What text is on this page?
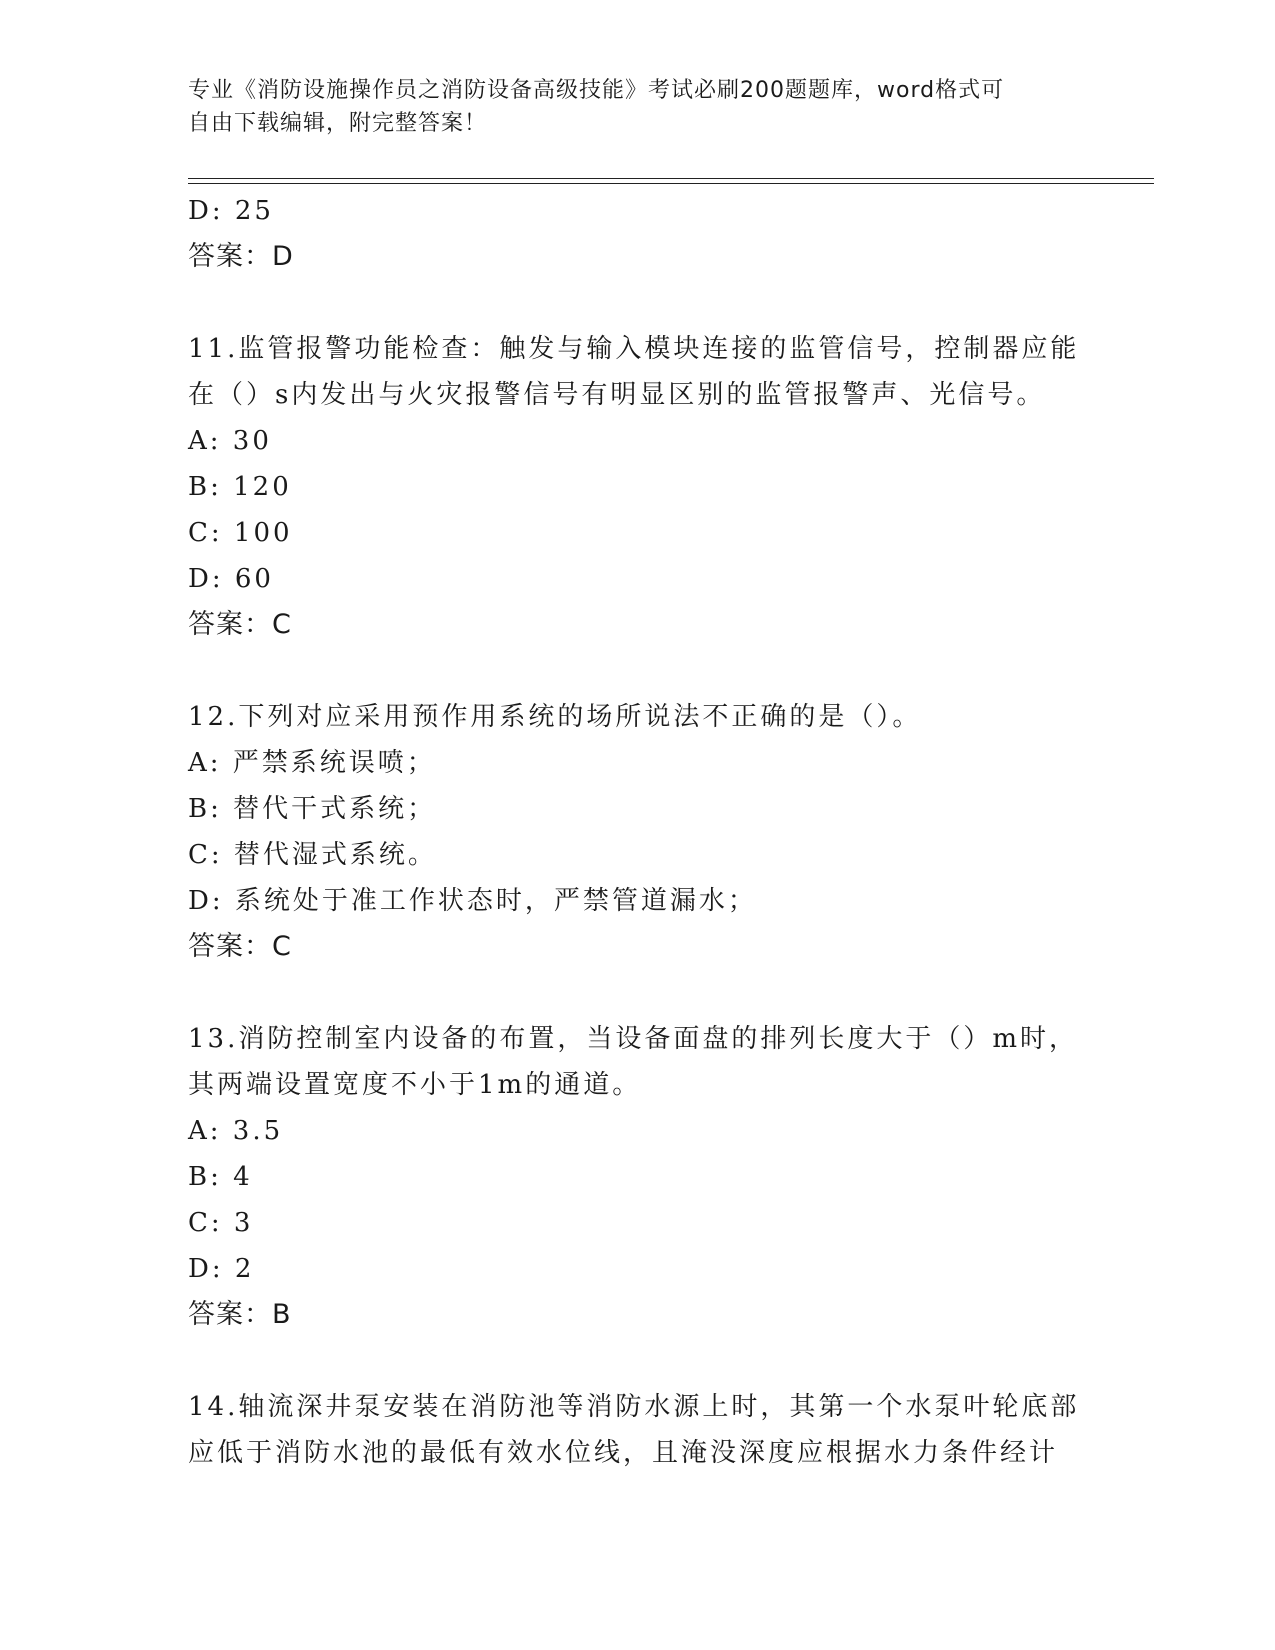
专业《消防设施操作员之消防设备高级技能》考试必刷200题题库，word格式可
自由下载编辑，附完整答案！
D: 25
答案：D
11.监管报警功能检查：触发与输入模块连接的监管信号，控制器应能
在（）s内发出与火灾报警信号有明显区别的监管报警声、光信号。
A: 30
B: 120
C: 100
D: 60
答案：C
12.下列对应采用预作用系统的场所说法不正确的是（）。
A: 严禁系统误喷；
B: 替代干式系统；
C: 替代湿式系统。
D: 系统处于准工作状态时，严禁管道漏水；
答案：C
13.消防控制室内设备的布置，当设备面盘的排列长度大于（）m时，
其两端设置宽度不小于1m的通道。
A: 3.5
B: 4
C: 3
D: 2
答案：B
14.轴流深井泵安装在消防池等消防水源上时，其第一个水泵叶轮底部
应低于消防水池的最低有效水位线，且淹没深度应根据水力条件经计
